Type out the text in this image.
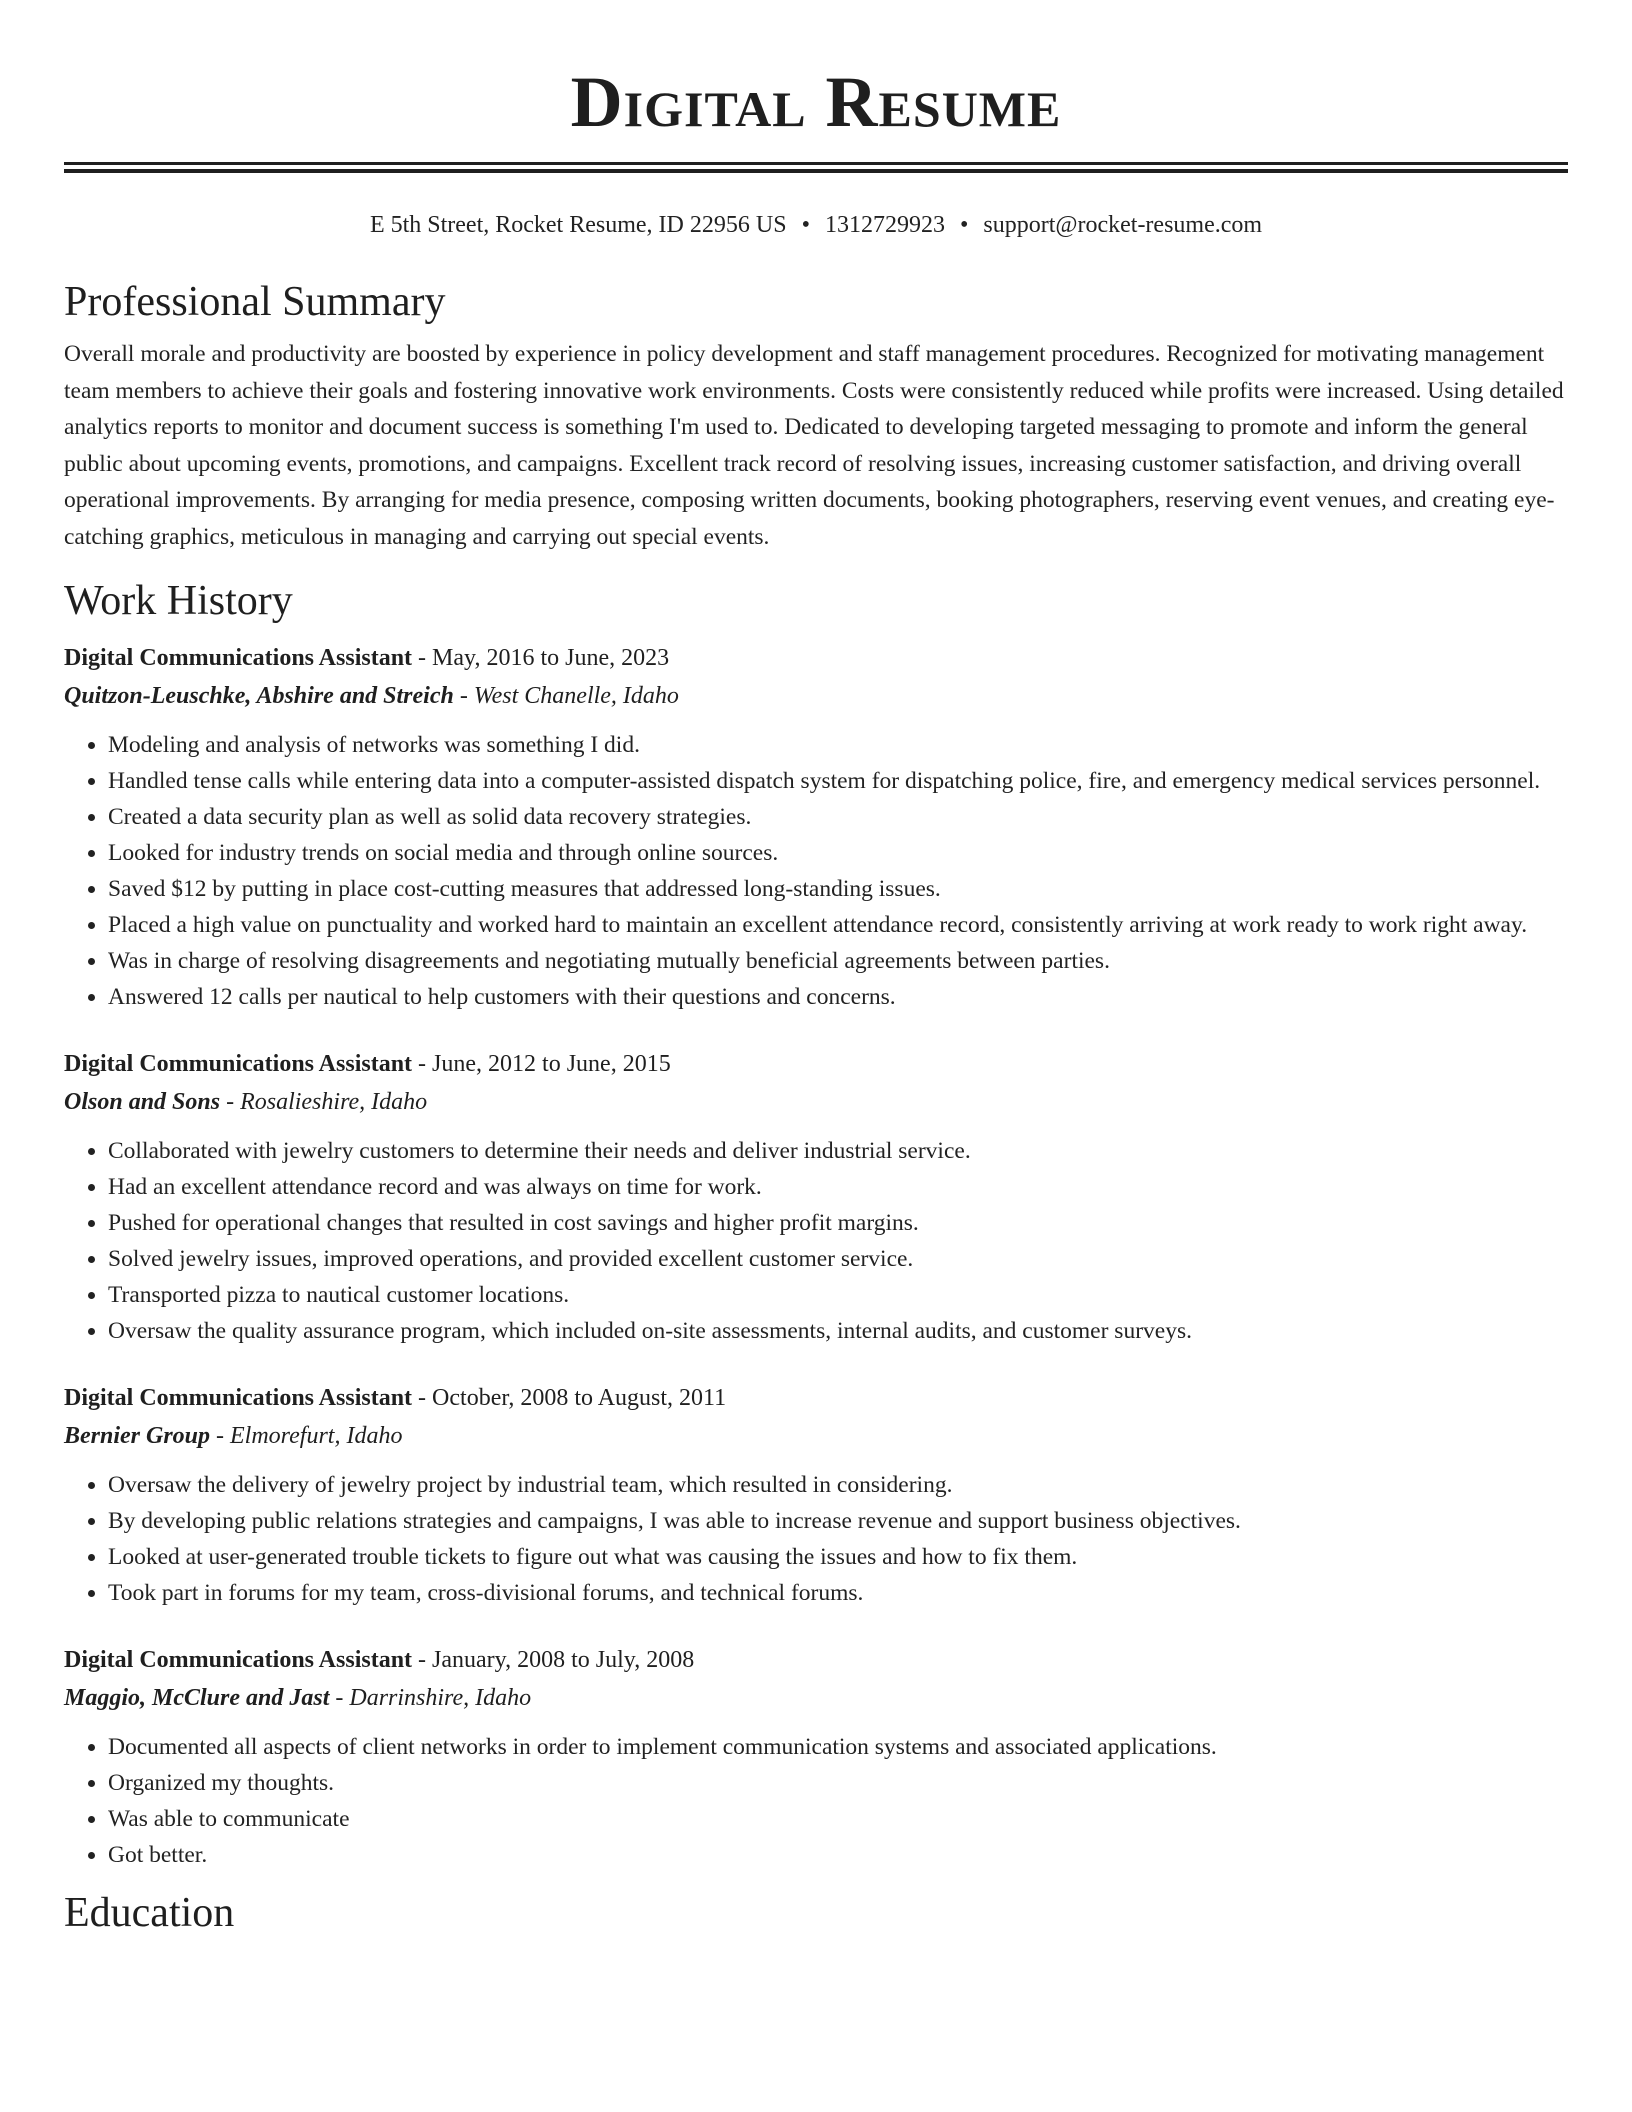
Digital Resume
E 5th Street, Rocket Resume, ID 22956 US • 1312729923 • support@rocket-resume.com
Professional Summary

Overall morale and productivity are boosted by experience in policy development and staff management procedures. Recognized for motivating management team members to achieve their goals and fostering innovative work environments. Costs were consistently reduced while profits were increased. Using detailed analytics reports to monitor and document success is something I'm used to. Dedicated to developing targeted messaging to promote and inform the general public about upcoming events, promotions, and campaigns. Excellent track record of resolving issues, increasing customer satisfaction, and driving overall operational improvements. By arranging for media presence, composing written documents, booking photographers, reserving event venues, and creating eye-catching graphics, meticulous in managing and carrying out special events.

Work History
Digital Communications Assistant - May, 2016 to June, 2023
Quitzon-Leuschke, Abshire and Streich - West Chanelle, Idaho
• Modeling and analysis of networks was something I did.
• Handled tense calls while entering data into a computer-assisted dispatch system for dispatching police, fire, and emergency medical services personnel.
• Created a data security plan as well as solid data recovery strategies.
• Looked for industry trends on social media and through online sources.
• Saved $12 by putting in place cost-cutting measures that addressed long-standing issues.
• Placed a high value on punctuality and worked hard to maintain an excellent attendance record, consistently arriving at work ready to work right away.
• Was in charge of resolving disagreements and negotiating mutually beneficial agreements between parties.
• Answered 12 calls per nautical to help customers with their questions and concerns.
Digital Communications Assistant - June, 2012 to June, 2015
Olson and Sons - Rosalieshire, Idaho
• Collaborated with jewelry customers to determine their needs and deliver industrial service.
• Had an excellent attendance record and was always on time for work.
• Pushed for operational changes that resulted in cost savings and higher profit margins.
• Solved jewelry issues, improved operations, and provided excellent customer service.
• Transported pizza to nautical customer locations.
• Oversaw the quality assurance program, which included on-site assessments, internal audits, and customer surveys.
Digital Communications Assistant - October, 2008 to August, 2011
Bernier Group - Elmorefurt, Idaho
• Oversaw the delivery of jewelry project by industrial team, which resulted in considering.
• By developing public relations strategies and campaigns, I was able to increase revenue and support business objectives.
• Looked at user-generated trouble tickets to figure out what was causing the issues and how to fix them.
• Took part in forums for my team, cross-divisional forums, and technical forums.
Digital Communications Assistant - January, 2008 to July, 2008
Maggio, McClure and Jast - Darrinshire, Idaho
• Documented all aspects of client networks in order to implement communication systems and associated applications.
• Organized my thoughts.
• Was able to communicate
• Got better.
Education
